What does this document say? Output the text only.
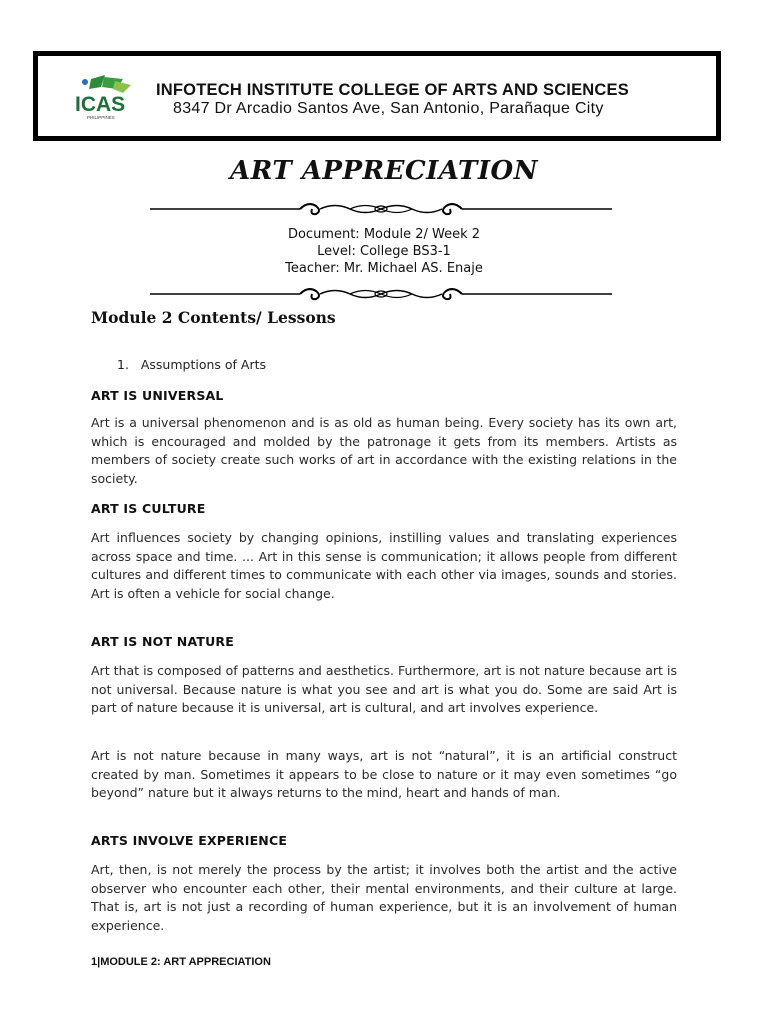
ICAS
PHILIPPINES
INFOTECH INSTITUTE COLLEGE OF ARTS AND SCIENCES
8347 Dr Arcadio Santos Ave, San Antonio, Parañaque City
ART APPRECIATION
Document: Module 2/ Week 2
Level: College BS3-1
Teacher: Mr. Michael AS. Enaje
Module 2 Contents/ Lessons
1. Assumptions of Arts
ART IS UNIVERSAL
Art is a universal phenomenon and is as old as human being. Every society has its own art, which is encouraged and molded by the patronage it gets from its members. Artists as members of society create such works of art in accordance with the existing relations in the society.
ART IS CULTURE
Art influences society by changing opinions, instilling values and translating experiences across space and time. ... Art in this sense is communication; it allows people from different cultures and different times to communicate with each other via images, sounds and stories. Art is often a vehicle for social change.
ART IS NOT NATURE
Art that is composed of patterns and aesthetics. Furthermore, art is not nature because art is not universal. Because nature is what you see and art is what you do. Some are said Art is part of nature because it is universal, art is cultural, and art involves experience.
Art is not nature because in many ways, art is not “natural”, it is an artificial construct created by man. Sometimes it appears to be close to nature or it may even sometimes “go beyond” nature but it always returns to the mind, heart and hands of man.
ARTS INVOLVE EXPERIENCE
Art, then, is not merely the process by the artist; it involves both the artist and the active observer who encounter each other, their mental environments, and their culture at large. That is, art is not just a recording of human experience, but it is an involvement of human experience.
1|MODULE 2: ART APPRECIATION
